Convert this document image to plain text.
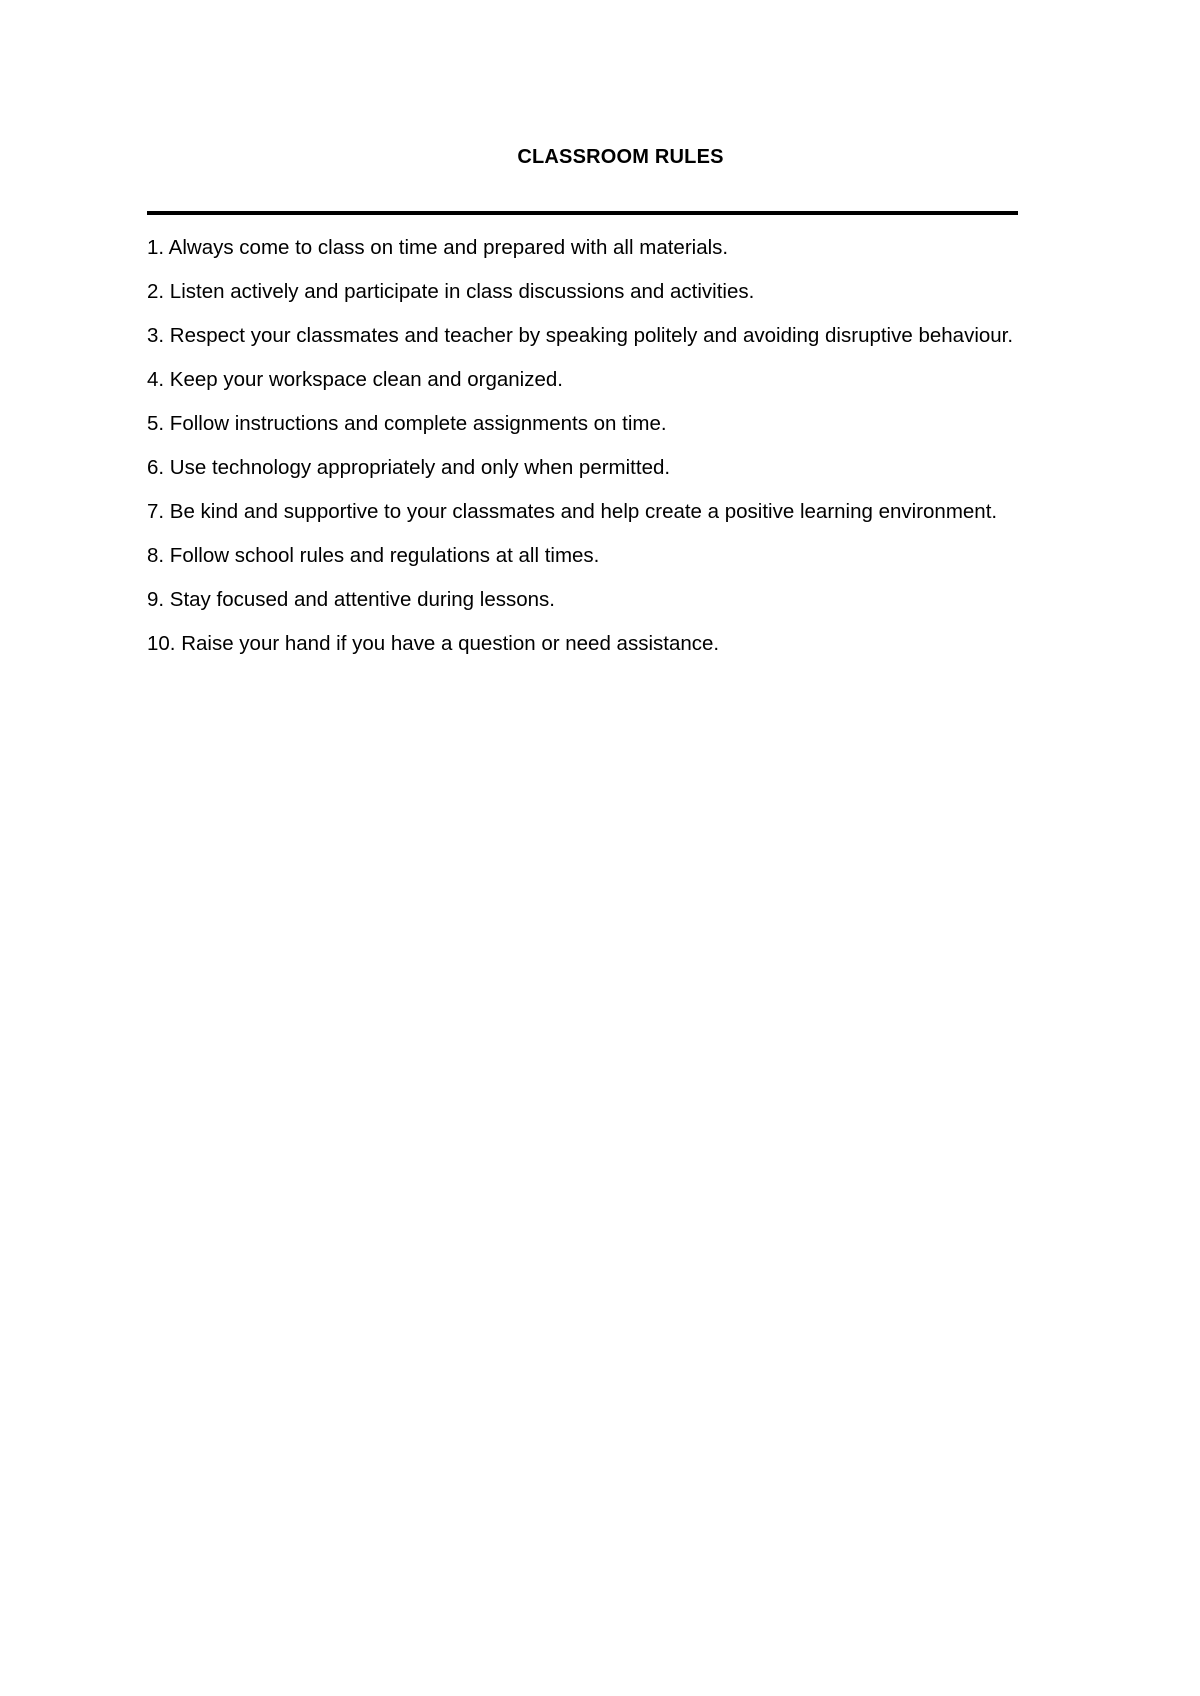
CLASSROOM RULES
1. Always come to class on time and prepared with all materials.
2. Listen actively and participate in class discussions and activities.
3. Respect your classmates and teacher by speaking politely and avoiding disruptive behaviour.
4. Keep your workspace clean and organized.
5. Follow instructions and complete assignments on time.
6. Use technology appropriately and only when permitted.
7. Be kind and supportive to your classmates and help create a positive learning environment.
8. Follow school rules and regulations at all times.
9. Stay focused and attentive during lessons.
10. Raise your hand if you have a question or need assistance.
